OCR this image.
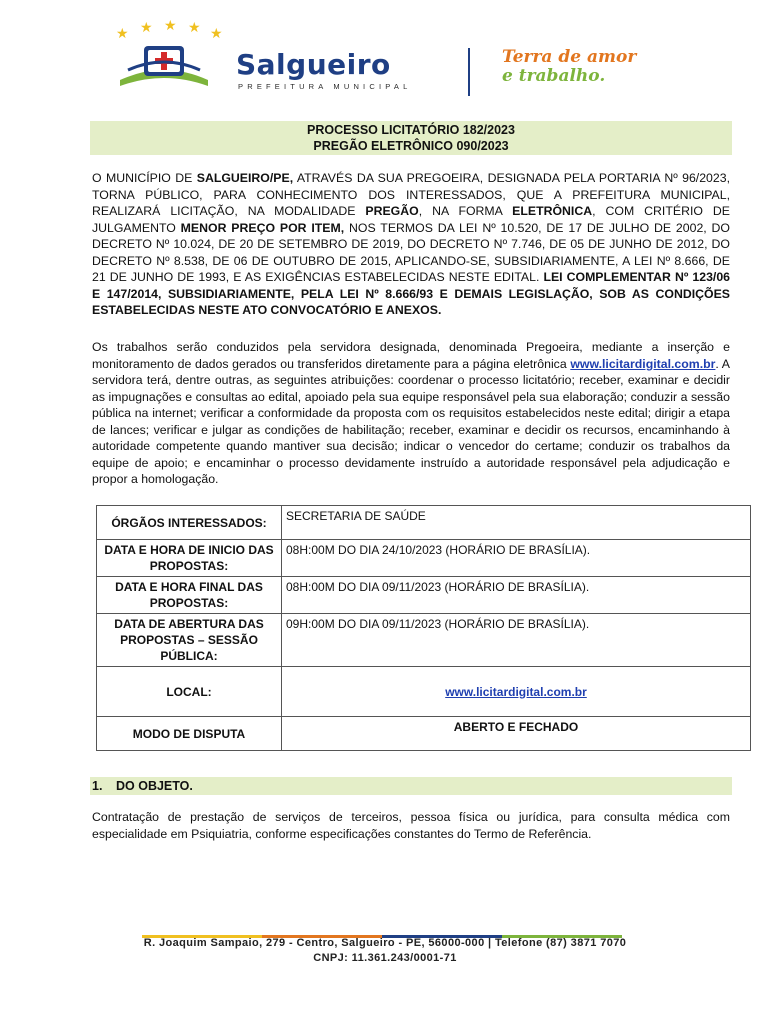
★ ★ ★ ★ ★
Salgueiro
PREFEITURA MUNICIPAL
Terra de amor
e trabalho.
PROCESSO LICITATÓRIO 182/2023
PREGÃO ELETRÔNICO 090/2023
O MUNICÍPIO DE SALGUEIRO/PE, ATRAVÉS DA SUA PREGOEIRA, DESIGNADA PELA PORTARIA Nº 96/2023, TORNA PÚBLICO, PARA CONHECIMENTO DOS INTERESSADOS, QUE A PREFEITURA MUNICIPAL, REALIZARÁ LICITAÇÃO, NA MODALIDADE PREGÃO, NA FORMA ELETRÔNICA, COM CRITÉRIO DE JULGAMENTO MENOR PREÇO POR ITEM, NOS TERMOS DA LEI Nº 10.520, DE 17 DE JULHO DE 2002, DO DECRETO Nº 10.024, DE 20 DE SETEMBRO DE 2019, DO DECRETO Nº 7.746, DE 05 DE JUNHO DE 2012, DO DECRETO Nº 8.538, DE 06 DE OUTUBRO DE 2015, APLICANDO-SE, SUBSIDIARIAMENTE, A LEI Nº 8.666, DE 21 DE JUNHO DE 1993, E AS EXIGÊNCIAS ESTABELECIDAS NESTE EDITAL. LEI COMPLEMENTAR Nº 123/06 E 147/2014, SUBSIDIARIAMENTE, PELA LEI Nº 8.666/93 E DEMAIS LEGISLAÇÃO, SOB AS CONDIÇÕES ESTABELECIDAS NESTE ATO CONVOCATÓRIO E ANEXOS.
Os trabalhos serão conduzidos pela servidora designada, denominada Pregoeira, mediante a inserção e monitoramento de dados gerados ou transferidos diretamente para a página eletrônica www.licitardigital.com.br. A servidora terá, dentre outras, as seguintes atribuições: coordenar o processo licitatório; receber, examinar e decidir as impugnações e consultas ao edital, apoiado pela sua equipe responsável pela sua elaboração; conduzir a sessão pública na internet; verificar a conformidade da proposta com os requisitos estabelecidos neste edital; dirigir a etapa de lances; verificar e julgar as condições de habilitação; receber, examinar e decidir os recursos, encaminhando à autoridade competente quando mantiver sua decisão; indicar o vencedor do certame; conduzir os trabalhos da equipe de apoio; e encaminhar o processo devidamente instruído a autoridade responsável pela adjudicação e propor a homologação.
ÓRGÃOS INTERESSADOS:	SECRETARIA DE SAÚDE
DATA E HORA DE INICIO DAS PROPOSTAS:	08H:00M DO DIA 24/10/2023 (HORÁRIO DE BRASÍLIA).
DATA E HORA FINAL DAS PROPOSTAS:	08H:00M DO DIA 09/11/2023 (HORÁRIO DE BRASÍLIA).
DATA DE ABERTURA DAS PROPOSTAS – SESSÃO PÚBLICA:	09H:00M DO DIA 09/11/2023 (HORÁRIO DE BRASÍLIA).
LOCAL:	www.licitardigital.com.br
MODO DE DISPUTA	ABERTO E FECHADO
1. DO OBJETO.
Contratação de prestação de serviços de terceiros, pessoa física ou jurídica, para consulta médica com especialidade em Psiquiatria, conforme especificações constantes do Termo de Referência.
R. Joaquim Sampaio, 279 - Centro, Salgueiro - PE, 56000-000 | Telefone (87) 3871 7070
CNPJ: 11.361.243/0001-71
